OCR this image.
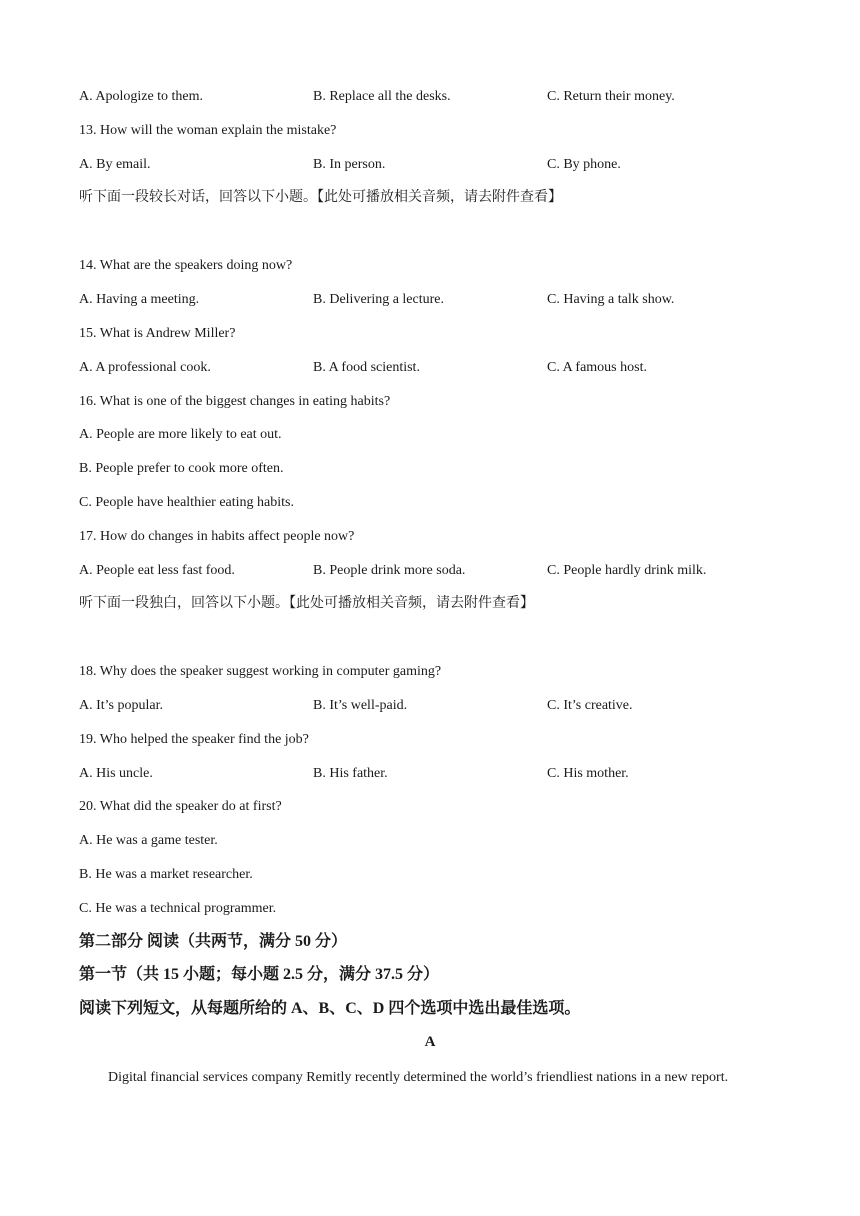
A. Apologize to them.	B. Replace all the desks.	C. Return their money.
13. How will the woman explain the mistake?
A. By email.	B. In person.	C. By phone.
听下面一段较长对话，回答以下小题。【此处可播放相关音频，请去附件查看】
14. What are the speakers doing now?
A. Having a meeting.	B. Delivering a lecture.	C. Having a talk show.
15. What is Andrew Miller?
A. A professional cook.	B. A food scientist.	C. A famous host.
16. What is one of the biggest changes in eating habits?
A. People are more likely to eat out.
B. People prefer to cook more often.
C. People have healthier eating habits.
17. How do changes in habits affect people now?
A. People eat less fast food.	B. People drink more soda.	C. People hardly drink milk.
听下面一段独白，回答以下小题。【此处可播放相关音频，请去附件查看】
18. Why does the speaker suggest working in computer gaming?
A. It’s popular.	B. It’s well-paid.	C. It’s creative.
19. Who helped the speaker find the job?
A. His uncle.	B. His father.	C. His mother.
20. What did the speaker do at first?
A. He was a game tester.
B. He was a market researcher.
C. He was a technical programmer.
第二部分 阅读（共两节，满分 50 分）
第一节（共 15 小题；每小题 2.5 分，满分 37.5 分）
阅读下列短文，从每题所给的 A、B、C、D 四个选项中选出最佳选项。
A
Digital financial services company Remitly recently determined the world’s friendliest nations in a new report.
